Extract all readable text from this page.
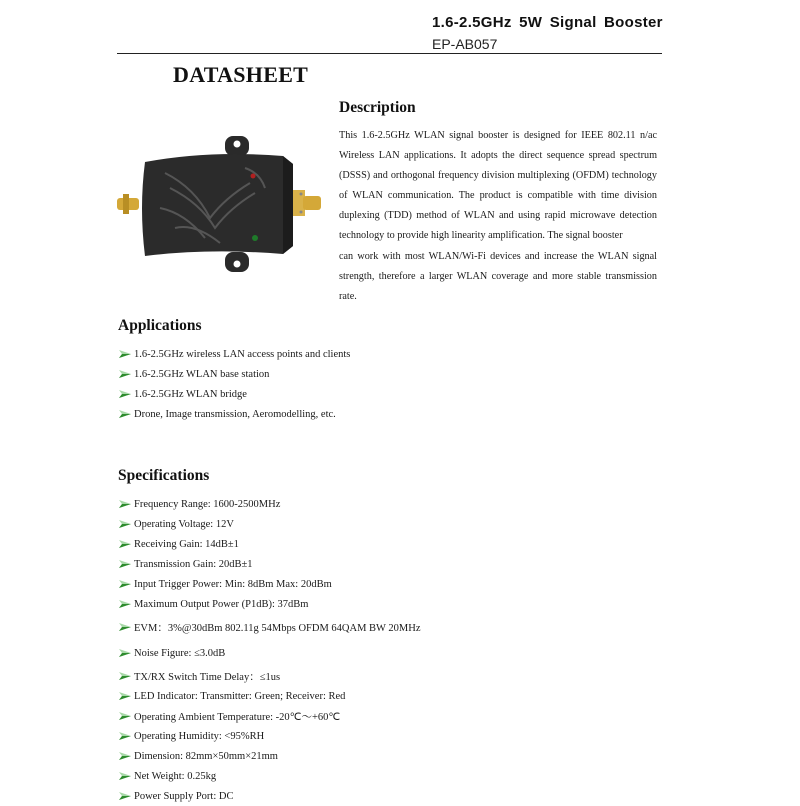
1.6-2.5GHz 5W Signal Booster
EP-AB057
DATASHEET
Description

This 1.6-2.5GHz WLAN signal booster is designed for IEEE 802.11 n/ac Wireless LAN applications. It adopts the direct sequence spread spectrum (DSSS) and orthogonal frequency division multiplexing (OFDM) technology of WLAN communication. The product is compatible with time division duplexing (TDD) method of WLAN and using rapid microwave detection technology to provide high linearity amplification. The signal booster

can work with most WLAN/Wi-Fi devices and increase the WLAN signal strength, therefore a larger WLAN coverage and more stable transmission rate.

Applications
1.6-2.5GHz wireless LAN access points and clients
1.6-2.5GHz WLAN base station
1.6-2.5GHz WLAN bridge
Drone, Image transmission, Aeromodelling, etc.
Specifications
Frequency Range: 1600-2500MHz
Operating Voltage: 12V
Receiving Gain: 14dB±1
Transmission Gain: 20dB±1
Input Trigger Power: Min: 8dBm Max: 20dBm
Maximum Output Power (P1dB): 37dBm
EVM：3%@30dBm 802.11g 54Mbps OFDM 64QAM BW 20MHz
Noise Figure: ≤3.0dB
TX/RX Switch Time Delay：≤1us
LED Indicator: Transmitter: Green; Receiver: Red
Operating Ambient Temperature: -20℃～+60℃
Operating Humidity: <95%RH
Dimension: 82mm×50mm×21mm
Net Weight: 0.25kg
Power Supply Port: DC
